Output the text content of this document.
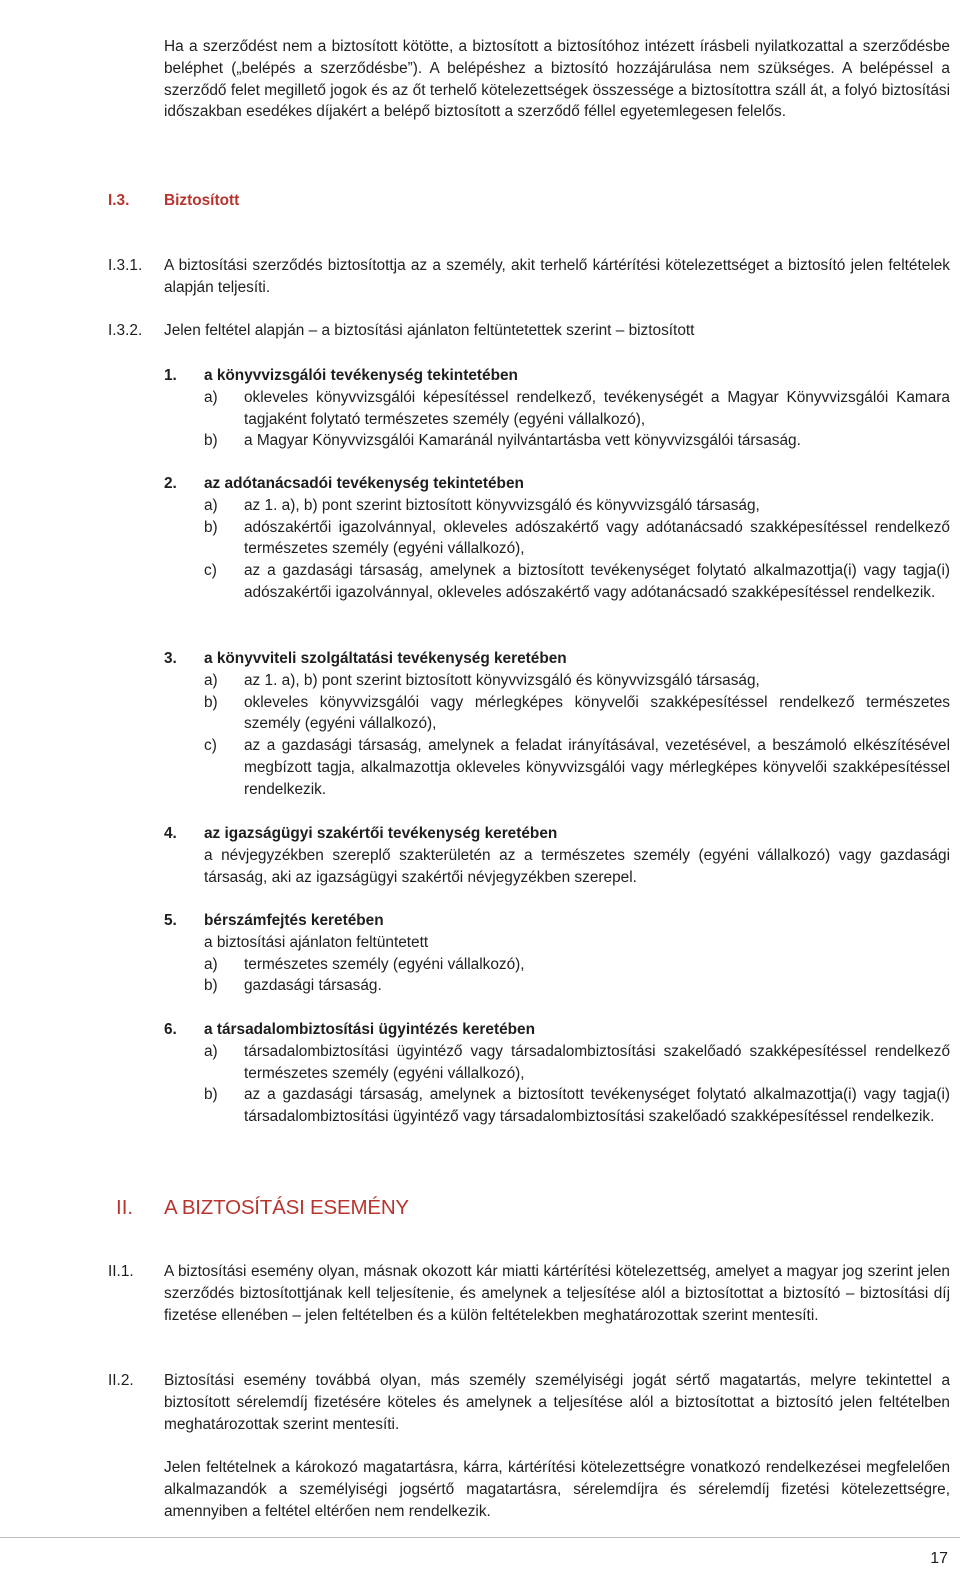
Ha a szerződést nem a biztosított kötötte, a biztosított a biztosítóhoz intézett írásbeli nyilatkozattal a szerződésbe beléphet („belépés a szerződésbe”). A belépéshez a biztosító hozzájárulása nem szükséges. A belépéssel a szerződő felet megillető jogok és az őt terhelő kötelezettségek összessége a biztosítottra száll át, a folyó biztosítási időszakban esedékes díjakért a belépő biztosított a szerződő féllel egyetemlegesen felelős.

I.3. Biztosított
I.3.1. A biztosítási szerződés biztosítottja az a személy, akit terhelő kártérítési kötelezettséget a biztosító jelen feltételek alapján teljesíti.

I.3.2. Jelen feltétel alapján – a biztosítási ajánlaton feltüntetettek szerint – biztosított

1. a könyvvizsgálói tevékenység tekintetében
a) okleveles könyvvizsgálói képesítéssel rendelkező, tevékenységét a Magyar Könyvvizsgálói Kamara tagjaként folytató természetes személy (egyéni vállalkozó),

b) a Magyar Könyvvizsgálói Kamaránál nyilvántartásba vett könyvvizsgálói társaság.

2. az adótanácsadói tevékenység tekintetében
a) az 1. a), b) pont szerint biztosított könyvvizsgáló és könyvvizsgáló társaság,

b) adószakértői igazolvánnyal, okleveles adószakértő vagy adótanácsadó szakképesítéssel rendelkező természetes személy (egyéni vállalkozó),

c) az a gazdasági társaság, amelynek a biztosított tevékenységet folytató alkalmazottja(i) vagy tagja(i) adószakértői igazolvánnyal, okleveles adószakértő vagy adótanácsadó szakképesítéssel rendelkezik.

3. a könyvviteli szolgáltatási tevékenység keretében
a) az 1. a), b) pont szerint biztosított könyvvizsgáló és könyvvizsgáló társaság,

b) okleveles könyvvizsgálói vagy mérlegképes könyvelői szakképesítéssel rendelkező természetes személy (egyéni vállalkozó),

c) az a gazdasági társaság, amelynek a feladat irányításával, vezetésével, a beszámoló elkészítésével megbízott tagja, alkalmazottja okleveles könyvvizsgálói vagy mérlegképes könyvelői szakképesítéssel rendelkezik.

4. az igazságügyi szakértői tevékenység keretében

a névjegyzékben szereplő szakterületén az a természetes személy (egyéni vállalkozó) vagy gazdasági társaság, aki az igazságügyi szakértői névjegyzékben szerepel.

5. bérszámfejtés keretében

a biztosítási ajánlaton feltüntetett

a) természetes személy (egyéni vállalkozó),

b) gazdasági társaság.

6. a társadalombiztosítási ügyintézés keretében
a) társadalombiztosítási ügyintéző vagy társadalombiztosítási szakelőadó szakképesítéssel rendelkező természetes személy (egyéni vállalkozó),

b) az a gazdasági társaság, amelynek a biztosított tevékenységet folytató alkalmazottja(i) vagy tagja(i) társadalombiztosítási ügyintéző vagy társadalombiztosítási szakelőadó szakképesítéssel rendelkezik.

II. A BIZTOSÍTÁSI ESEMÉNY
II.1. A biztosítási esemény olyan, másnak okozott kár miatti kártérítési kötelezettség, amelyet a magyar jog szerint jelen szerződés biztosítottjának kell teljesítenie, és amelynek a teljesítése alól a biztosítottat a biztosító – biztosítási díj fizetése ellenében – jelen feltételben és a külön feltételekben meghatározottak szerint mentesíti.

II.2. Biztosítási esemény továbbá olyan, más személy személyiségi jogát sértő magatartás, melyre tekintettel a biztosított sérelemdíj fizetésére köteles és amelynek a teljesítése alól a biztosítottat a biztosító jelen feltételben meghatározottak szerint mentesíti.

Jelen feltételnek a károkozó magatartásra, kárra, kártérítési kötelezettségre vonatkozó rendelkezései megfelelően alkalmazandók a személyiségi jogsértő magatartásra, sérelemdíjra és sérelemdíj fizetési kötelezettségre, amennyiben a feltétel eltérően nem rendelkezik.

17
